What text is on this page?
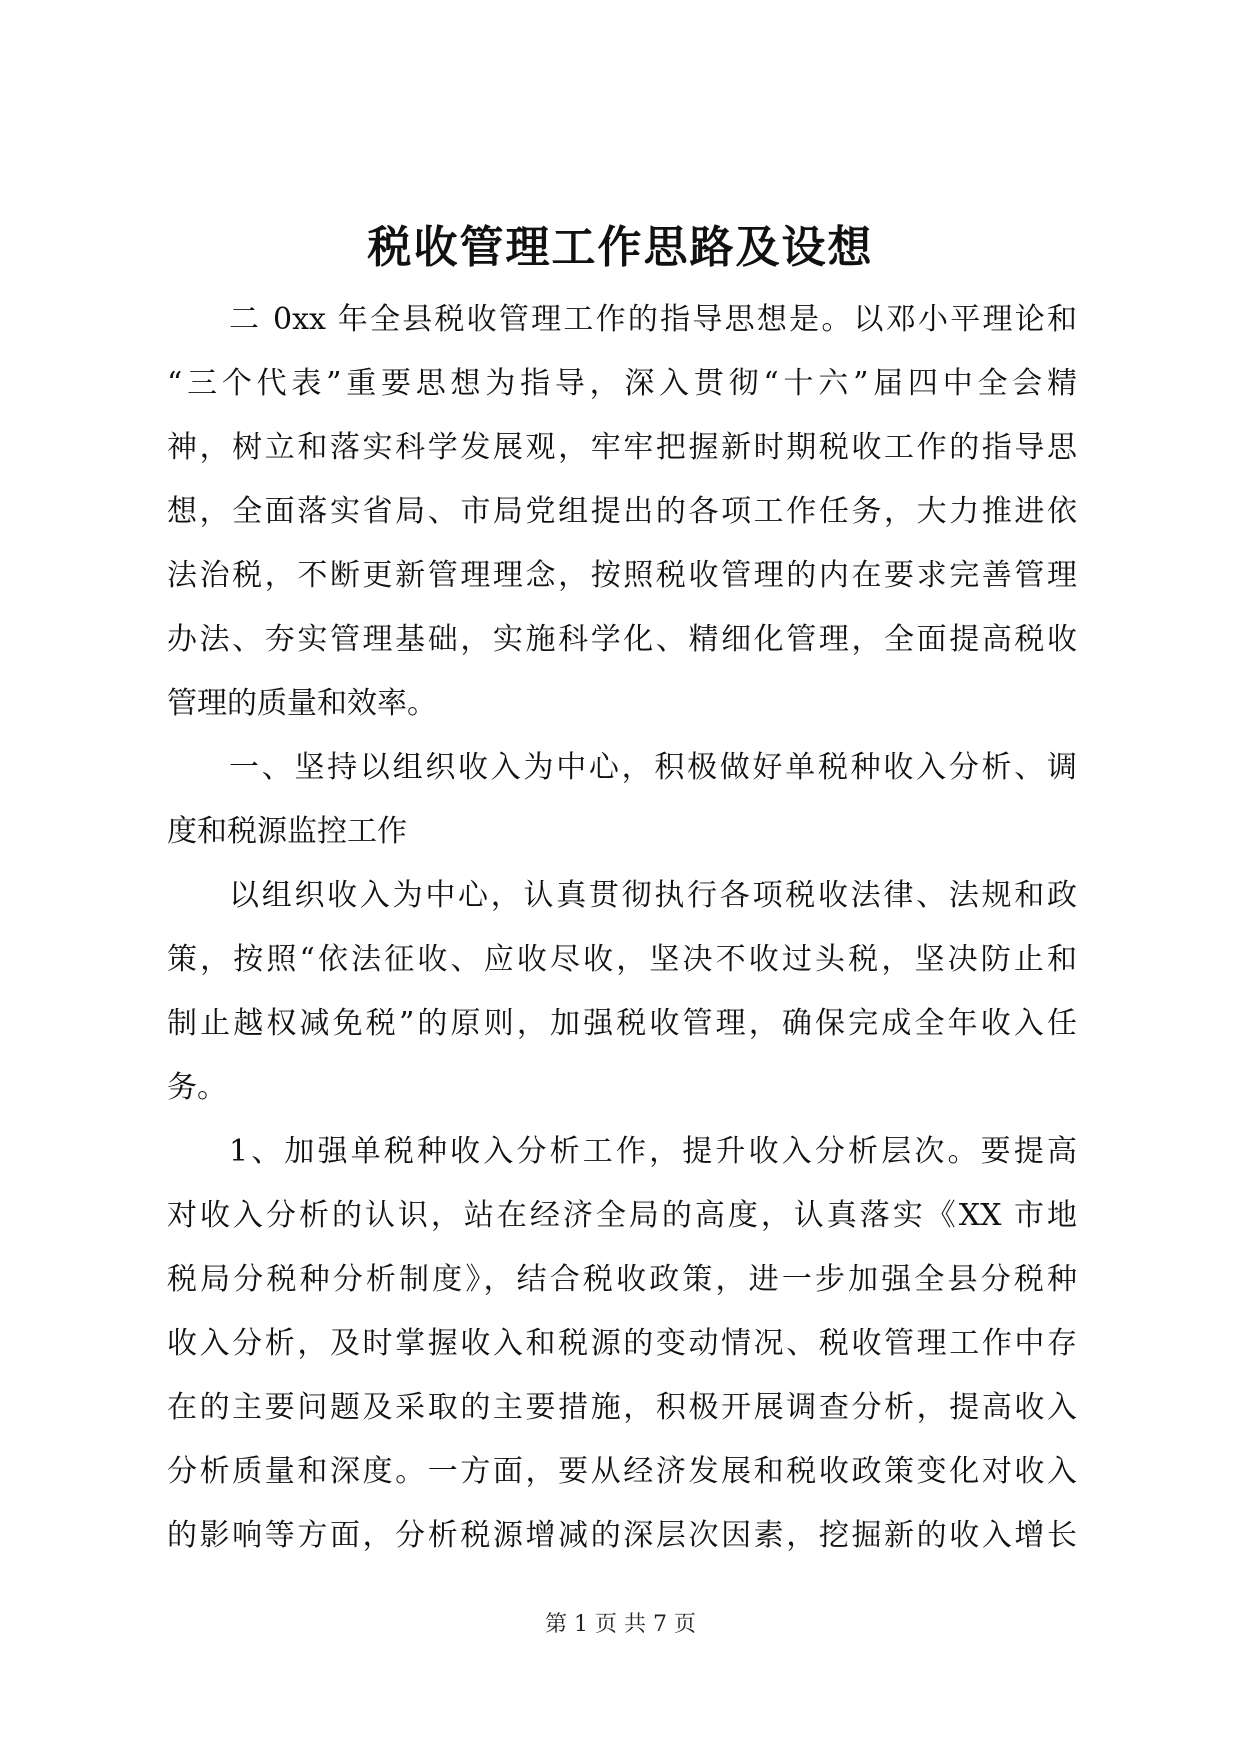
税收管理工作思路及设想
二 0xx 年全县税收管理工作的指导思想是。以邓小平理论和
“三个代表”重要思想为指导，深入贯彻“十六”届四中全会精
神，树立和落实科学发展观，牢牢把握新时期税收工作的指导思
想，全面落实省局、市局党组提出的各项工作任务，大力推进依
法治税，不断更新管理理念，按照税收管理的内在要求完善管理
办法、夯实管理基础，实施科学化、精细化管理，全面提高税收
管理的质量和效率。
一、坚持以组织收入为中心，积极做好单税种收入分析、调
度和税源监控工作
以组织收入为中心，认真贯彻执行各项税收法律、法规和政
策，按照“依法征收、应收尽收，坚决不收过头税，坚决防止和
制止越权减免税”的原则，加强税收管理，确保完成全年收入任
务。
1、加强单税种收入分析工作，提升收入分析层次。要提高
对收入分析的认识，站在经济全局的高度，认真落实《XX 市地
税局分税种分析制度》，结合税收政策，进一步加强全县分税种
收入分析，及时掌握收入和税源的变动情况、税收管理工作中存
在的主要问题及采取的主要措施，积极开展调查分析，提高收入
分析质量和深度。一方面，要从经济发展和税收政策变化对收入
的影响等方面，分析税源增减的深层次因素，挖掘新的收入增长
第 1 页 共 7 页
